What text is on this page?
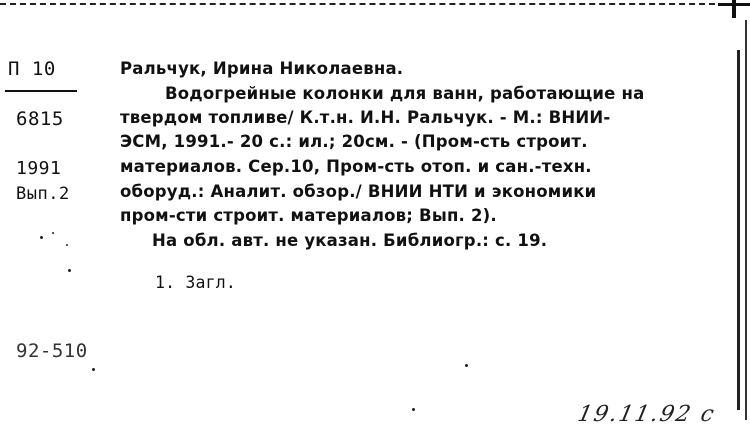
П 10
6815
1991
Вып.2
92-510
Ральчук, Ирина Николаевна.
Водогрейные колонки для ванн, работающие на
твердом топливе/ К.т.н. И.Н. Ральчук. - М.: ВНИИ-
ЭСМ, 1991.- 20 с.: ил.; 20см. - (Пром-сть строит.
материалов. Сер.10, Пром-сть отоп. и сан.-техн.
оборуд.: Аналит. обзор./ ВНИИ НТИ и экономики
пром-сти строит. материалов; Вып. 2).
На обл. авт. не указан. Библиогр.: с. 19.
1. Загл.
19.11.92 с
